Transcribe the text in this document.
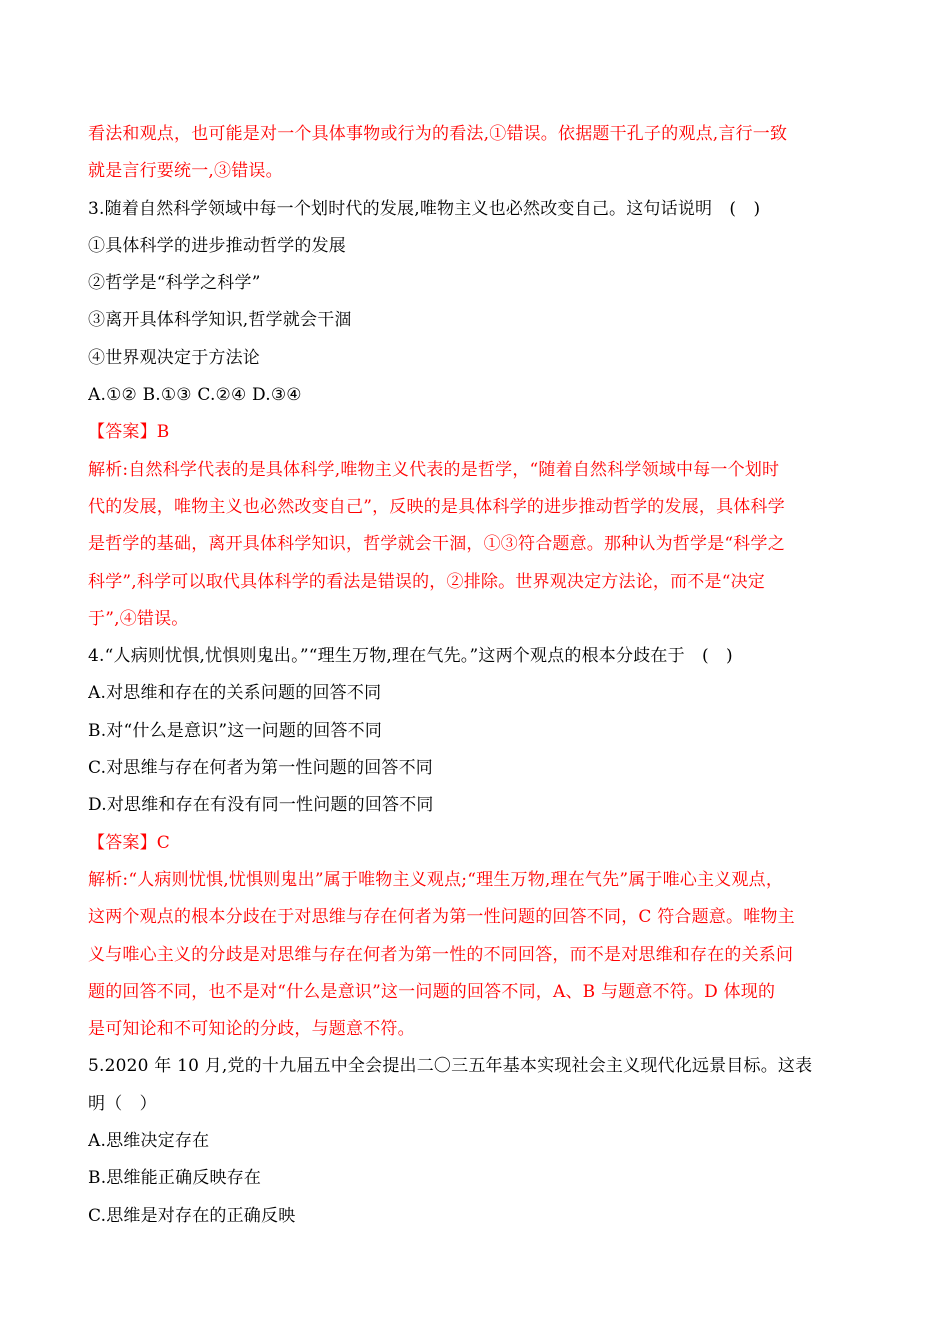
看法和观点，也可能是对一个具体事物或行为的看法,①错误。依据题干孔子的观点,言行一致
就是言行要统一,③错误。
3.随着自然科学领域中每一个划时代的发展,唯物主义也必然改变自己。这句话说明　(　)
①具体科学的进步推动哲学的发展
②哲学是“科学之科学”
③离开具体科学知识,哲学就会干涸
④世界观决定于方法论
A.①② B.①③ C.②④ D.③④
【答案】B
解析:自然科学代表的是具体科学,唯物主义代表的是哲学，“随着自然科学领域中每一个划时
代的发展，唯物主义也必然改变自己”，反映的是具体科学的进步推动哲学的发展，具体科学
是哲学的基础，离开具体科学知识，哲学就会干涸，①③符合题意。那种认为哲学是“科学之
科学”,科学可以取代具体科学的看法是错误的，②排除。世界观决定方法论，而不是“决定
于”,④错误。
4.“人病则忧惧,忧惧则鬼出。”“理生万物,理在气先。”这两个观点的根本分歧在于　(　)
A.对思维和存在的关系问题的回答不同
B.对“什么是意识”这一问题的回答不同
C.对思维与存在何者为第一性问题的回答不同
D.对思维和存在有没有同一性问题的回答不同
【答案】C
解析:“人病则忧惧,忧惧则鬼出”属于唯物主义观点;“理生万物,理在气先”属于唯心主义观点，
这两个观点的根本分歧在于对思维与存在何者为第一性问题的回答不同，C 符合题意。唯物主
义与唯心主义的分歧是对思维与存在何者为第一性的不同回答，而不是对思维和存在的关系问
题的回答不同，也不是对“什么是意识”这一问题的回答不同，A、B 与题意不符。D 体现的
是可知论和不可知论的分歧，与题意不符。
5.2020 年 10 月,党的十九届五中全会提出二〇三五年基本实现社会主义现代化远景目标。这表
明（　）
A.思维决定存在
B.思维能正确反映存在
C.思维是对存在的正确反映
